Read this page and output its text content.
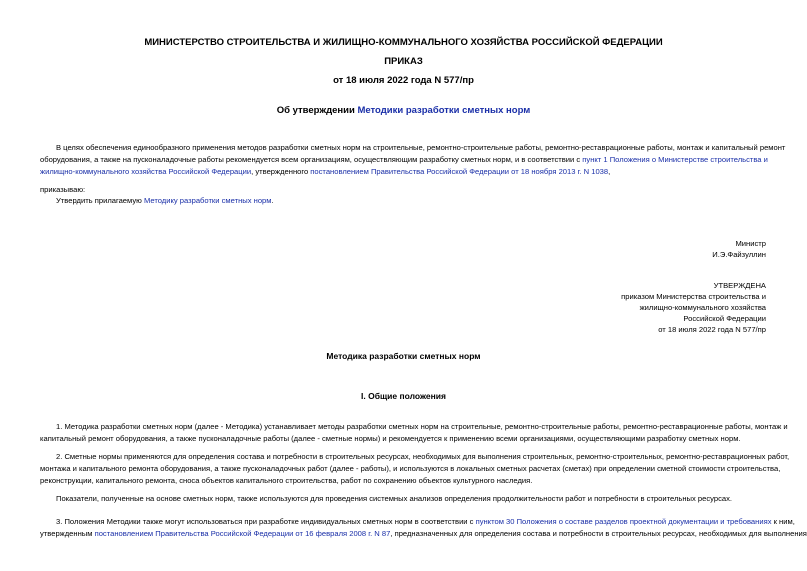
МИНИСТЕРСТВО СТРОИТЕЛЬСТВА И ЖИЛИЩНО-КОММУНАЛЬНОГО ХОЗЯЙСТВА РОССИЙСКОЙ ФЕДЕРАЦИИ

ПРИКАЗ

от 18 июля 2022 года N 577/пр

Об утверждении Методики разработки сметных норм

В целях обеспечения единообразного применения методов разработки сметных норм на строительные, ремонтно-строительные работы, ремонтно-реставрационные работы, монтаж и капитальный ремонт
оборудования, а также на пусконаладочные работы рекомендуется всем организациям, осуществляющим разработку сметных норм, и в соответствии с пункт 1 Положения о Министерстве строительства и
жилищно-коммунального хозяйства Российской Федерации, утвержденного постановлением Правительства Российской Федерации от 18 ноября 2013 г. N 1038,
приказываю:
Утвердить прилагаемую Методику разработки сметных норм.
Министр
И.Э.Файзуллин
УТВЕРЖДЕНА
приказом Министерства строительства и
жилищно-коммунального хозяйства
Российской Федерации
от 18 июля 2022 года N 577/пр

Методика разработки сметных норм

I. Общие положения

1. Методика разработки сметных норм (далее - Методика) устанавливает методы разработки сметных норм на строительные, ремонтно-строительные работы, ремонтно-реставрационные работы, монтаж и
капитальный ремонт оборудования, а также пусконаладочные работы (далее - сметные нормы) и рекомендуется к применению всеми организациями, осуществляющими разработку сметных норм.
2. Сметные нормы применяются для определения состава и потребности в строительных ресурсах, необходимых для выполнения строительных, ремонтно-строительных, ремонтно-реставрационных работ,
монтажа и капитального ремонта оборудования, а также пусконаладочных работ (далее - работы), и используются в локальных сметных расчетах (сметах) при определении сметной стоимости строительства,
реконструкции, капитального ремонта, сноса объектов капитального строительства, работ по сохранению объектов культурного наследия.
Показатели, полученные на основе сметных норм, также используются для проведения системных анализов определения продолжительности работ и потребности в строительных ресурсах.
3. Положения Методики также могут использоваться при разработке индивидуальных сметных норм в соответствии с пунктом 30 Положения о составе разделов проектной документации и требованиях к ним,
утвержденным постановлением Правительства Российской Федерации от 16 февраля 2008 г. N 87, предназначенных для определения состава и потребности в строительных ресурсах, необходимых для выполнения
